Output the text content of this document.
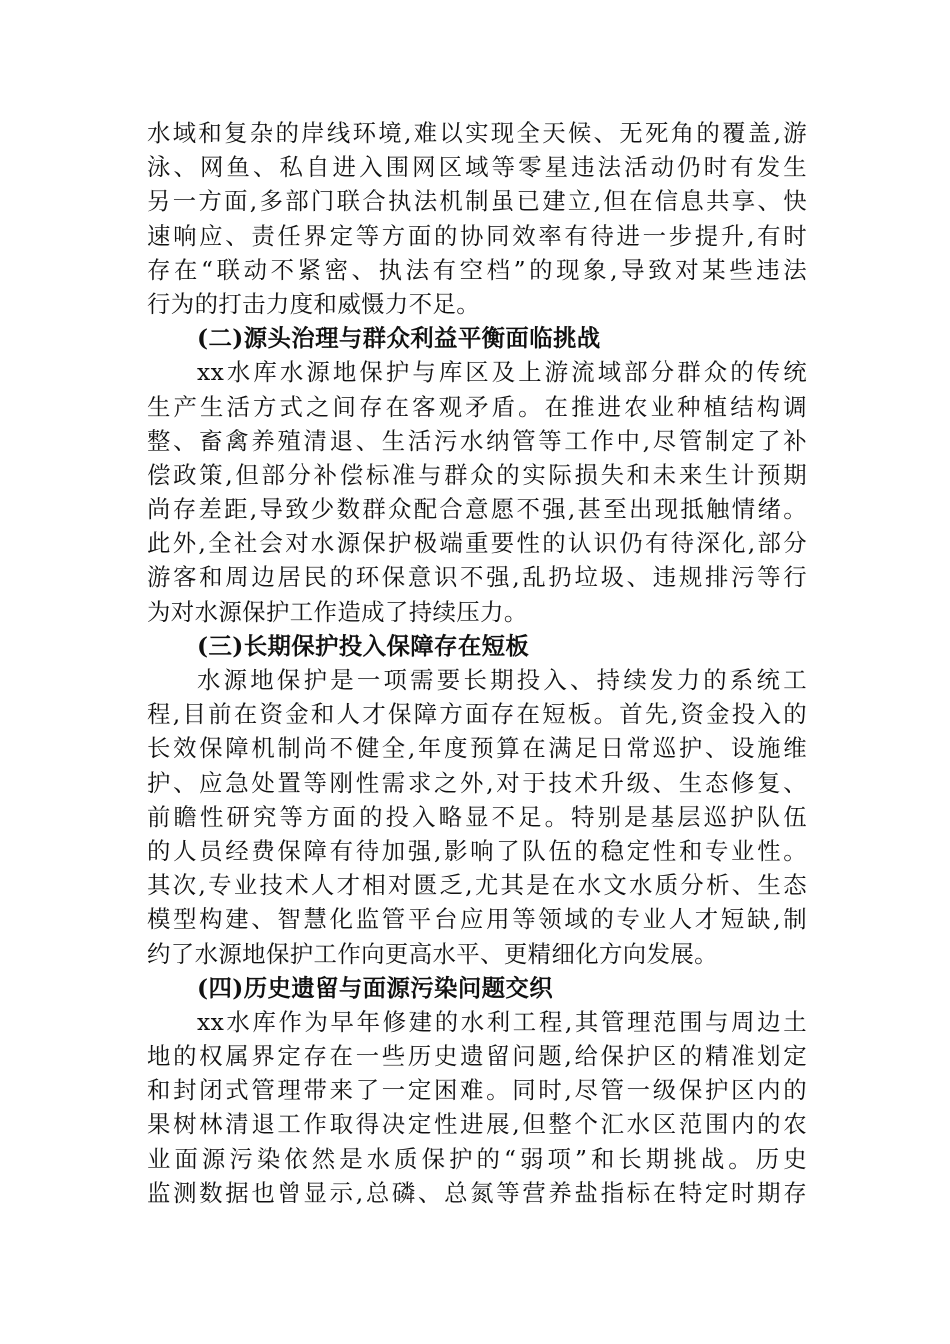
水域和复杂的岸线环境,难以实现全天候、无死角的覆盖,游
泳、网鱼、私自进入围网区域等零星违法活动仍时有发生
另一方面,多部门联合执法机制虽已建立,但在信息共享、快
速响应、责任界定等方面的协同效率有待进一步提升,有时
存在“联动不紧密、执法有空档”的现象,导致对某些违法
行为的打击力度和威慑力不足。
(二)源头治理与群众利益平衡面临挑战
xx水库水源地保护与库区及上游流域部分群众的传统
生产生活方式之间存在客观矛盾。在推进农业种植结构调
整、畜禽养殖清退、生活污水纳管等工作中,尽管制定了补
偿政策,但部分补偿标准与群众的实际损失和未来生计预期
尚存差距,导致少数群众配合意愿不强,甚至出现抵触情绪。
此外,全社会对水源保护极端重要性的认识仍有待深化,部分
游客和周边居民的环保意识不强,乱扔垃圾、违规排污等行
为对水源保护工作造成了持续压力。
(三)长期保护投入保障存在短板
水源地保护是一项需要长期投入、持续发力的系统工
程,目前在资金和人才保障方面存在短板。首先,资金投入的
长效保障机制尚不健全,年度预算在满足日常巡护、设施维
护、应急处置等刚性需求之外,对于技术升级、生态修复、
前瞻性研究等方面的投入略显不足。特别是基层巡护队伍
的人员经费保障有待加强,影响了队伍的稳定性和专业性。
其次,专业技术人才相对匮乏,尤其是在水文水质分析、生态
模型构建、智慧化监管平台应用等领域的专业人才短缺,制
约了水源地保护工作向更高水平、更精细化方向发展。
(四)历史遗留与面源污染问题交织
xx水库作为早年修建的水利工程,其管理范围与周边土
地的权属界定存在一些历史遗留问题,给保护区的精准划定
和封闭式管理带来了一定困难。同时,尽管一级保护区内的
果树林清退工作取得决定性进展,但整个汇水区范围内的农
业面源污染依然是水质保护的“弱项”和长期挑战。历史
监测数据也曾显示,总磷、总氮等营养盐指标在特定时期存
